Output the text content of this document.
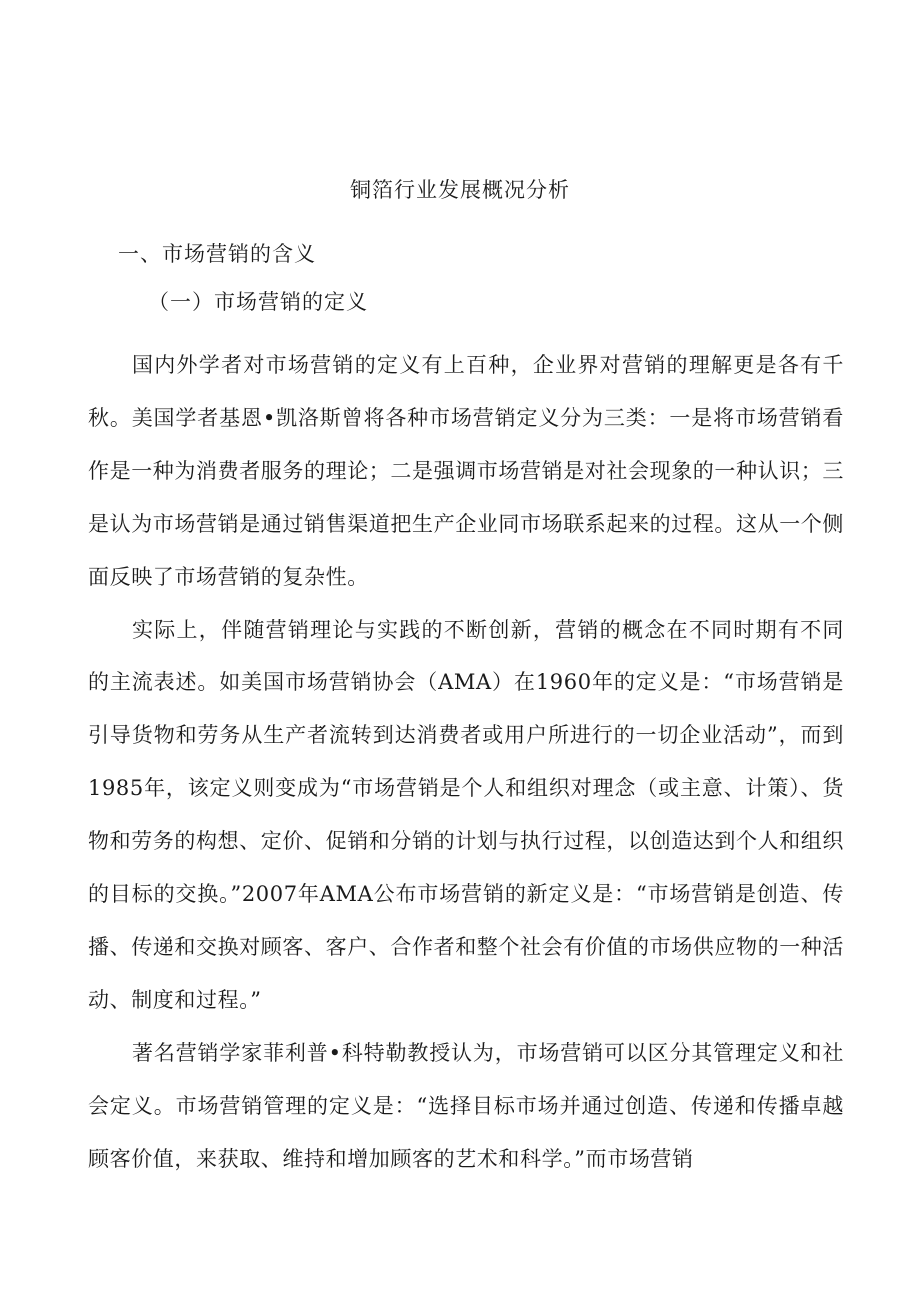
铜箔行业发展概况分析
一、市场营销的含义
（一）市场营销的定义

国内外学者对市场营销的定义有上百种，企业界对营销的理解更是各有千秋。美国学者基恩•凯洛斯曾将各种市场营销定义分为三类：一是将市场营销看作是一种为消费者服务的理论；二是强调市场营销是对社会现象的一种认识；三是认为市场营销是通过销售渠道把生产企业同市场联系起来的过程。这从一个侧面反映了市场营销的复杂性。

实际上，伴随营销理论与实践的不断创新，营销的概念在不同时期有不同的主流表述。如美国市场营销协会（AMA）在1960年的定义是：“市场营销是引导货物和劳务从生产者流转到达消费者或用户所进行的一切企业活动”，而到1985年，该定义则变成为“市场营销是个人和组织对理念（或主意、计策）、货物和劳务的构想、定价、促销和分销的计划与执行过程，以创造达到个人和组织的目标的交换。”2007年AMA公布市场营销的新定义是：“市场营销是创造、传播、传递和交换对顾客、客户、合作者和整个社会有价值的市场供应物的一种活动、制度和过程。”

著名营销学家菲利普•科特勒教授认为，市场营销可以区分其管理定义和社会定义。市场营销管理的定义是：“选择目标市场并通过创造、传递和传播卓越顾客价值，来获取、维持和增加顾客的艺术和科学。”而市场营销
